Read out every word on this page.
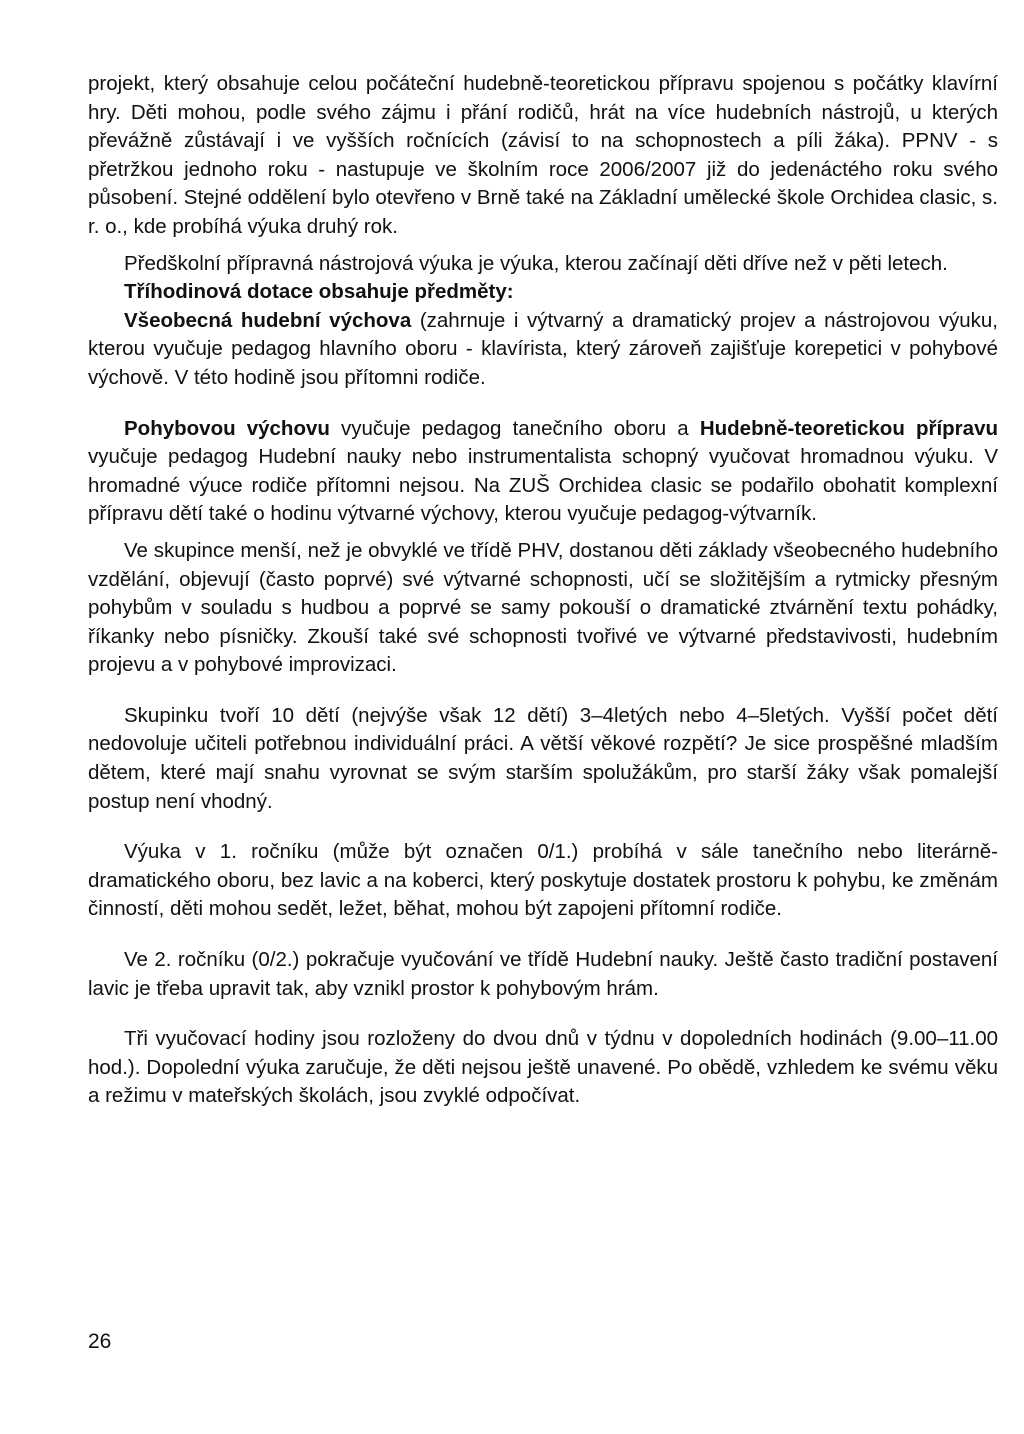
projekt, který obsahuje celou počáteční hudebně-teoretickou přípravu spojenou s počátky klavírní hry. Děti mohou, podle svého zájmu i přání rodičů, hrát na více hudebních nástrojů, u kterých převážně zůstávají i ve vyšších ročnících (závisí to na schopnostech a píli žáka). PPNV - s přetržkou jednoho roku - nastupuje ve školním roce 2006/2007 již do jedenáctého roku svého působení. Stejné oddělení bylo otevřeno v Brně také na Základní umělecké škole Orchidea clasic, s. r. o., kde probíhá výuka druhý rok.

Předškolní přípravná nástrojová výuka je výuka, kterou začínají děti dříve než v pěti letech.

Tříhodinová dotace obsahuje předměty:

Všeobecná hudební výchova (zahrnuje i výtvarný a dramatický projev a nástrojovou výuku, kterou vyučuje pedagog hlavního oboru - klavírista, který zároveň zajišťuje korepetici v pohybové výchově. V této hodině jsou přítomni rodiče.

Pohybovou výchovu vyučuje pedagog tanečního oboru a Hudebně-teoretickou přípravu vyučuje pedagog Hudební nauky nebo instrumentalista schopný vyučovat hromadnou výuku. V hromadné výuce rodiče přítomni nejsou. Na ZUŠ Orchidea clasic se podařilo obohatit komplexní přípravu dětí také o hodinu výtvarné výchovy, kterou vyučuje pedagog-výtvarník.

Ve skupince menší, než je obvyklé ve třídě PHV, dostanou děti základy všeobecného hudebního vzdělání, objevují (často poprvé) své výtvarné schopnosti, učí se složitějším a rytmicky přesným pohybům v souladu s hudbou a poprvé se samy pokouší o dramatické ztvárnění textu pohádky, říkanky nebo písničky. Zkouší také své schopnosti tvořivé ve výtvarné představivosti, hudebním projevu a v pohybové improvizaci.

Skupinku tvoří 10 dětí (nejvýše však 12 dětí) 3–4letých nebo 4–5letých. Vyšší počet dětí nedovoluje učiteli potřebnou individuální práci. A větší věkové rozpětí? Je sice prospěšné mladším dětem, které mají snahu vyrovnat se svým starším spolužákům, pro starší žáky však pomalejší postup není vhodný.

Výuka v 1. ročníku (může být označen 0/1.) probíhá v sále tanečního nebo literárně-dramatického oboru, bez lavic a na koberci, který poskytuje dostatek prostoru k pohybu, ke změnám činností, děti mohou sedět, ležet, běhat, mohou být zapojeni přítomní rodiče.

Ve 2. ročníku (0/2.) pokračuje vyučování ve třídě Hudební nauky. Ještě často tradiční postavení lavic je třeba upravit tak, aby vznikl prostor k pohybovým hrám.

Tři vyučovací hodiny jsou rozloženy do dvou dnů v týdnu v dopoledních hodinách (9.00–11.00 hod.). Dopolední výuka zaručuje, že děti nejsou ještě unavené. Po obědě, vzhledem ke svému věku a režimu v mateřských školách, jsou zvyklé odpočívat.

26
